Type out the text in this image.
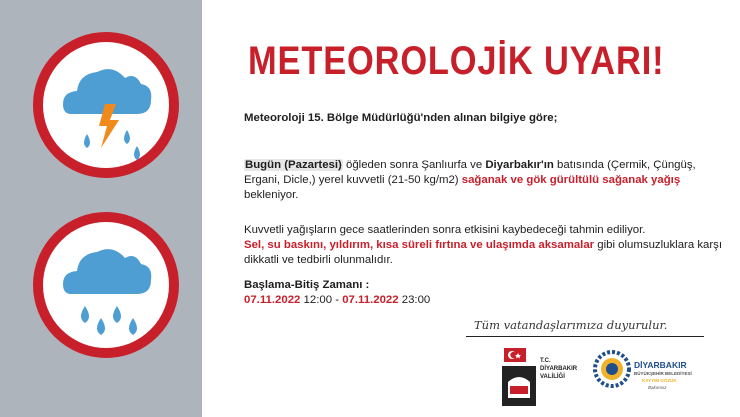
METEOROLOJİK UYARI!
Meteoroloji 15. Bölge Müdürlüğü'nden alınan bilgiye göre;
Bugün (Pazartesi) öğleden sonra Şanlıurfa ve Diyarbakır'ın batısında (Çermik, Çüngüş, Ergani, Dicle,) yerel kuvvetli (21-50 kg/m2) sağanak ve gök gürültülü sağanak yağış bekleniyor.
Kuvvetli yağışların gece saatlerinden sonra etkisini kaybedeceği tahmin ediliyor.
Sel, su baskını, yıldırım, kısa süreli fırtına ve ulaşımda aksamalar gibi olumsuzluklara karşı dikkatli ve tedbirli olunmalıdır.
Başlama-Bitiş Zamanı :
07.11.2022 12:00 - 07.11.2022 23:00
Tüm vatandaşlarımıza duyurulur.
T.C.
DİYARBAKIR
VALİLİĞİ
DİYARBAKIR
BÜYÜKŞEHİR BELEDİYESİ
KAYYIM GÖZÜK
Bakımsız
